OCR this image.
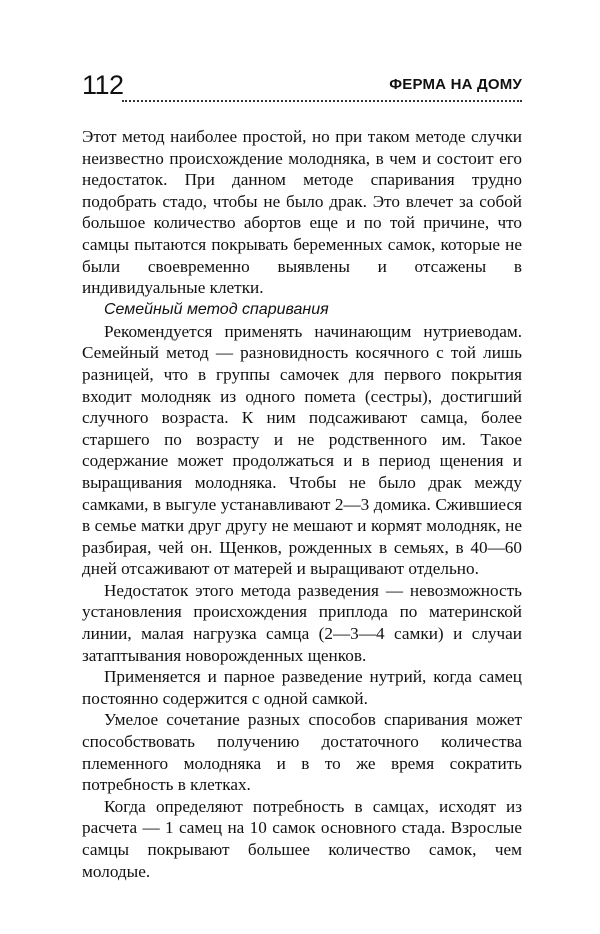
112	ФЕРМА НА ДОМУ

Этот метод наиболее простой, но при таком методе случки неизвестно происхождение молодняка, в чем и состоит его недостаток. При данном методе спаривания трудно подобрать стадо, чтобы не было драк. Это влечет за собой большое количество абортов еще и по той причине, что самцы пытаются покрывать беременных самок, которые не были своевременно выявлены и отсажены в индивидуальные клетки.

Семейный метод спаривания

Рекомендуется применять начинающим нутриеводам. Семейный метод — разновидность косячного с той лишь разницей, что в группы самочек для первого покрытия входит молодняк из одного помета (сестры), достигший случного возраста. К ним подсаживают самца, более старшего по возрасту и не родственного им. Такое содержание может продолжаться и в период щенения и выращивания молодняка. Чтобы не было драк между самками, в выгуле устанавливают 2—3 домика. Сжившиеся в семье матки друг другу не мешают и кормят молодняк, не разбирая, чей он. Щенков, рожденных в семьях, в 40—60 дней отсаживают от матерей и выращивают отдельно.

Недостаток этого метода разведения — невозможность установления происхождения приплода по материнской линии, малая нагрузка самца (2—3—4 самки) и случаи затаптывания новорожденных щенков.

Применяется и парное разведение нутрий, когда самец постоянно содержится с одной самкой.

Умелое сочетание разных способов спаривания может способствовать получению достаточного количества племенного молодняка и в то же время сократить потребность в клетках.

Когда определяют потребность в самцах, исходят из расчета — 1 самец на 10 самок основного стада. Взрослые самцы покрывают большее количество самок, чем молодые.
